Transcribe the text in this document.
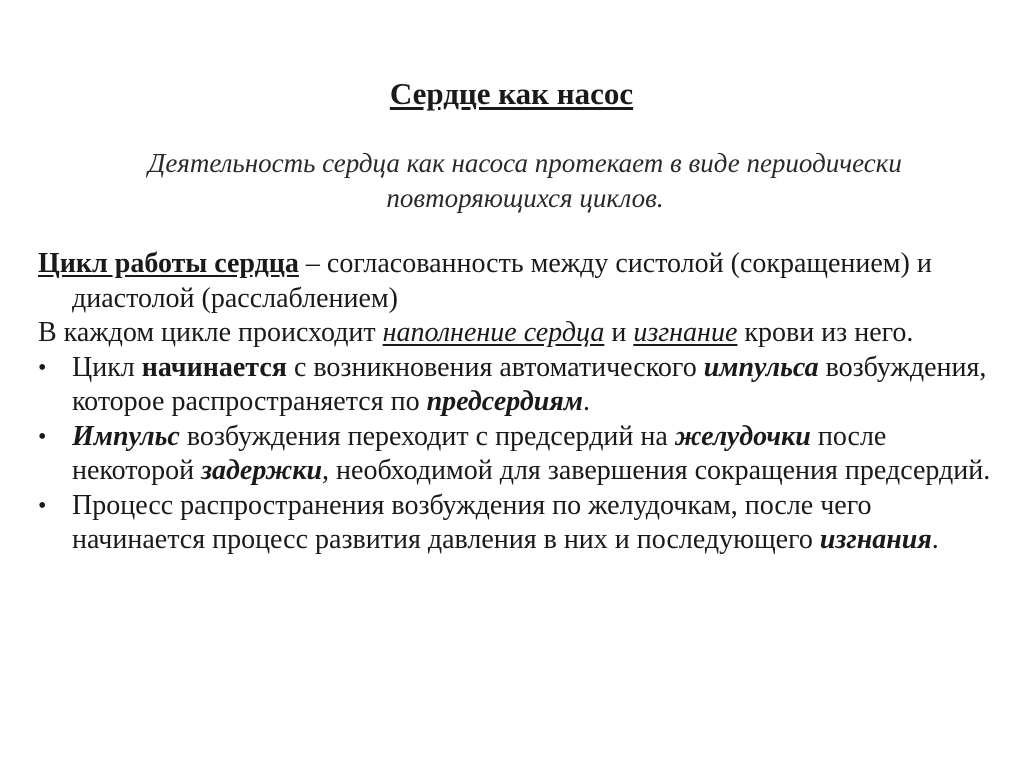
Сердце как насос
Деятельность сердца как насоса протекает в виде периодически повторяющихся циклов.

Цикл работы сердца – согласованность между систолой (сокращением) и диастолой (расслаблением)

В каждом цикле происходит наполнение сердца и изгнание крови из него.

• Цикл начинается с возникновения автоматического импульса возбуждения, которое распространяется по предсердиям.

• Импульс возбуждения переходит с предсердий на желудочки после некоторой задержки, необходимой для завершения сокращения предсердий.

• Процесс распространения возбуждения по желудочкам, после чего начинается процесс развития давления в них и последующего изгнания.
